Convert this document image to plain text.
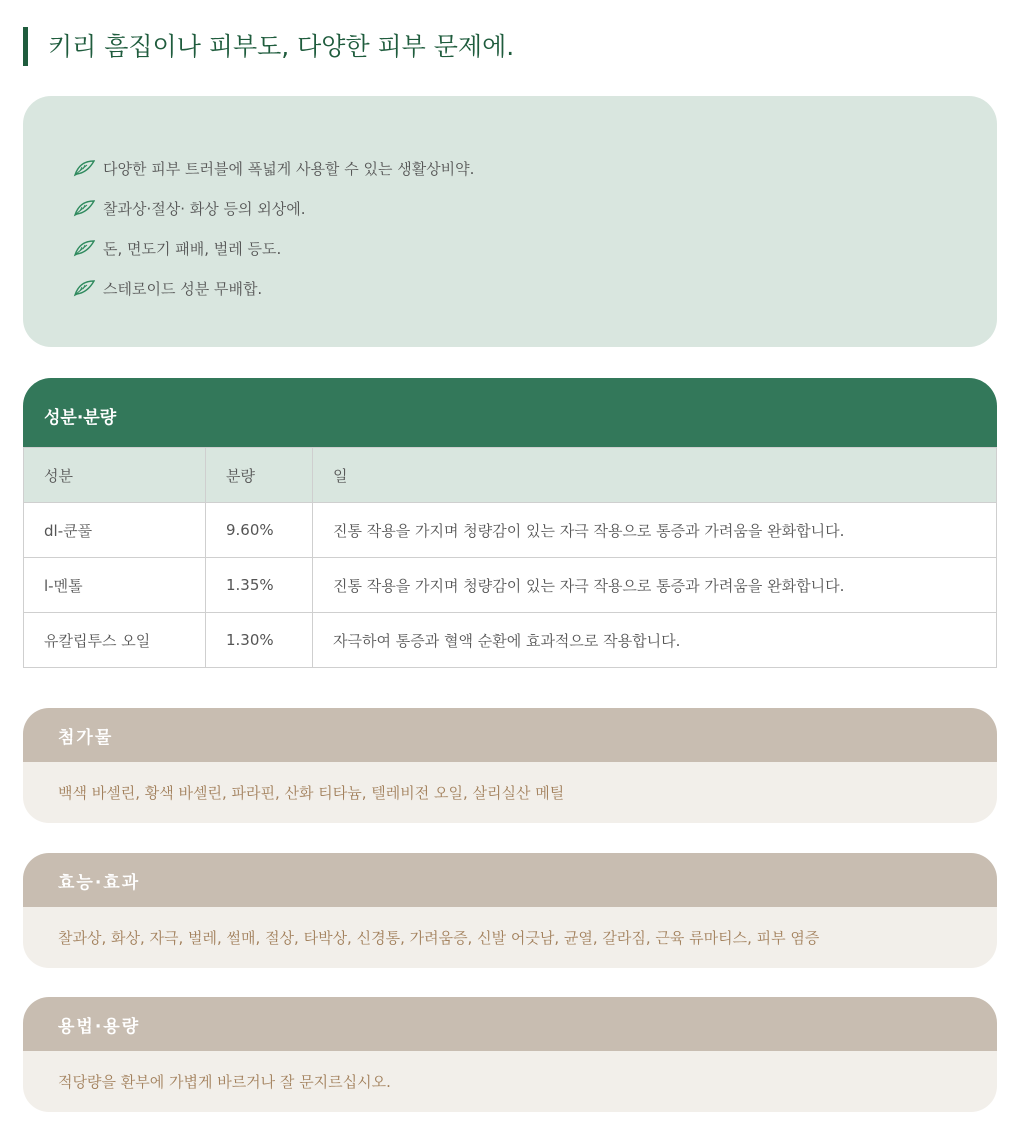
키리 흠집이나 피부도, 다양한 피부 문제에.
다양한 피부 트러블에 폭넓게 사용할 수 있는 생활상비약.
찰과상·절상· 화상 등의 외상에.
돈, 면도기 패배, 벌레 등도.
스테로이드 성분 무배합.
성분·분량
성분	분량	일
dl-쿤풀	9.60%	진통 작용을 가지며 청량감이 있는 자극 작용으로 통증과 가려움을 완화합니다.
l-멘톨	1.35%	진통 작용을 가지며 청량감이 있는 자극 작용으로 통증과 가려움을 완화합니다.
유칼립투스 오일	1.30%	자극하여 통증과 혈액 순환에 효과적으로 작용합니다.
첨가물
백색 바셀린, 황색 바셀린, 파라핀, 산화 티타늄, 텔레비전 오일, 살리실산 메틸
효능·효과
찰과상, 화상, 자극, 벌레, 썰매, 절상, 타박상, 신경통, 가려움증, 신발 어긋남, 균열, 갈라짐, 근육 류마티스, 피부 염증
용법·용량
적당량을 환부에 가볍게 바르거나 잘 문지르십시오.
